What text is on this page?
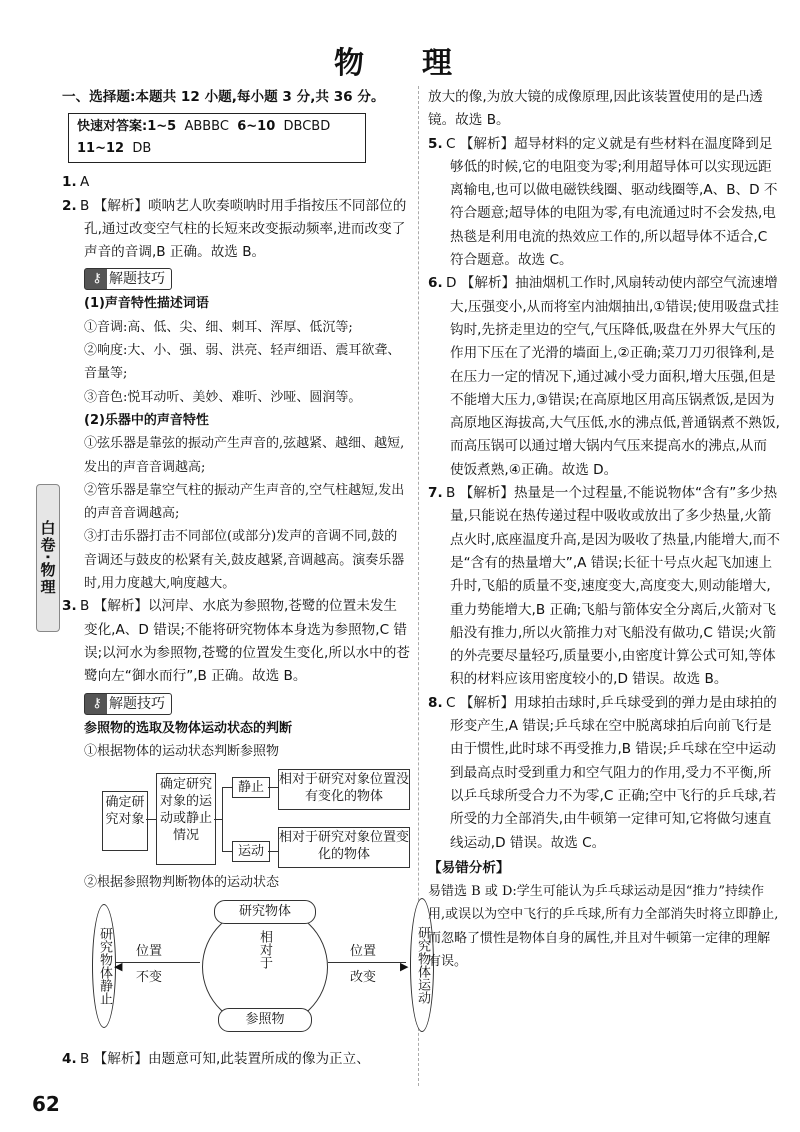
物　理
白卷·物理

一、选择题:本题共 12 小题,每小题 3 分,共 36 分。

快速对答案:1~5 ABBBC 6~10 DBCBD
11~12 DB

1. A

2. B 【解析】唢呐艺人吹奏唢呐时用手指按压不同部位的孔,通过改变空气柱的长短来改变振动频率,进而改变了声音的音调,B 正确。故选 B。

⚷ 解题技巧

(1)声音特性描述词语

①音调:高、低、尖、细、刺耳、浑厚、低沉等;

②响度:大、小、强、弱、洪亮、轻声细语、震耳欲聋、音量等;

③音色:悦耳动听、美妙、难听、沙哑、圆润等。

(2)乐器中的声音特性

①弦乐器是靠弦的振动产生声音的,弦越紧、越细、越短,发出的声音音调越高;

②管乐器是靠空气柱的振动产生声音的,空气柱越短,发出的声音音调越高;

③打击乐器打击不同部位(或部分)发声的音调不同,鼓的音调还与鼓皮的松紧有关,鼓皮越紧,音调越高。演奏乐器时,用力度越大,响度越大。

3. B 【解析】以河岸、水底为参照物,苍鹭的位置未发生变化,A、D 错误;不能将研究物体本身选为参照物,C 错误;以河水为参照物,苍鹭的位置发生变化,所以水中的苍鹭向左“御水而行”,B 正确。故选 B。

⚷ 解题技巧

参照物的选取及物体运动状态的判断

①根据物体的运动状态判断参照物

确定研究对象
确定研究对象的运动或静止情况
静止
相对于研究对象位置没有变化的物体
运动
相对于研究对象位置变化的物体

②根据参照物判断物体的运动状态

研究物体静止 ◀
位置
不变
研究物体
相对于
参照物
▶
位置
改变	研究物体运动

4. B 【解析】由题意可知,此装置所成的像为正立、

放大的像,为放大镜的成像原理,因此该装置使用的是凸透镜。故选 B。

5. C 【解析】超导材料的定义就是有些材料在温度降到足够低的时候,它的电阻变为零;利用超导体可以实现远距离输电,也可以做电磁铁线圈、驱动线圈等,A、B、D 不符合题意;超导体的电阻为零,有电流通过时不会发热,电热毯是利用电流的热效应工作的,所以超导体不适合,C 符合题意。故选 C。

6. D 【解析】抽油烟机工作时,风扇转动使内部空气流速增大,压强变小,从而将室内油烟抽出,①错误;使用吸盘式挂钩时,先挤走里边的空气,气压降低,吸盘在外界大气压的作用下压在了光滑的墙面上,②正确;菜刀刀刃很锋利,是在压力一定的情况下,通过减小受力面积,增大压强,但是不能增大压力,③错误;在高原地区用高压锅煮饭,是因为高原地区海拔高,大气压低,水的沸点低,普通锅煮不熟饭,而高压锅可以通过增大锅内气压来提高水的沸点,从而使饭煮熟,④正确。故选 D。

7. B 【解析】热量是一个过程量,不能说物体“含有”多少热量,只能说在热传递过程中吸收或放出了多少热量,火箭点火时,底座温度升高,是因为吸收了热量,内能增大,而不是“含有的热量增大”,A 错误;长征十号点火起飞加速上升时,飞船的质量不变,速度变大,高度变大,则动能增大,重力势能增大,B 正确;飞船与箭体安全分离后,火箭对飞船没有推力,所以火箭推力对飞船没有做功,C 错误;火箭的外壳要尽量轻巧,质量要小,由密度计算公式可知,等体积的材料应该用密度较小的,D 错误。故选 B。

8. C 【解析】用球拍击球时,乒乓球受到的弹力是由球拍的形变产生,A 错误;乒乓球在空中脱离球拍后向前飞行是由于惯性,此时球不再受推力,B 错误;乒乓球在空中运动到最高点时受到重力和空气阻力的作用,受力不平衡,所以乒乓球所受合力不为零,C 正确;空中飞行的乒乓球,若所受的力全部消失,由牛顿第一定律可知,它将做匀速直线运动,D 错误。故选 C。

【易错分析】

易错选 B 或 D:学生可能认为乒乓球运动是因“推力”持续作用,或误以为空中飞行的乒乓球,所有力全部消失时将立即静止,而忽略了惯性是物体自身的属性,并且对牛顿第一定律的理解有误。

62
